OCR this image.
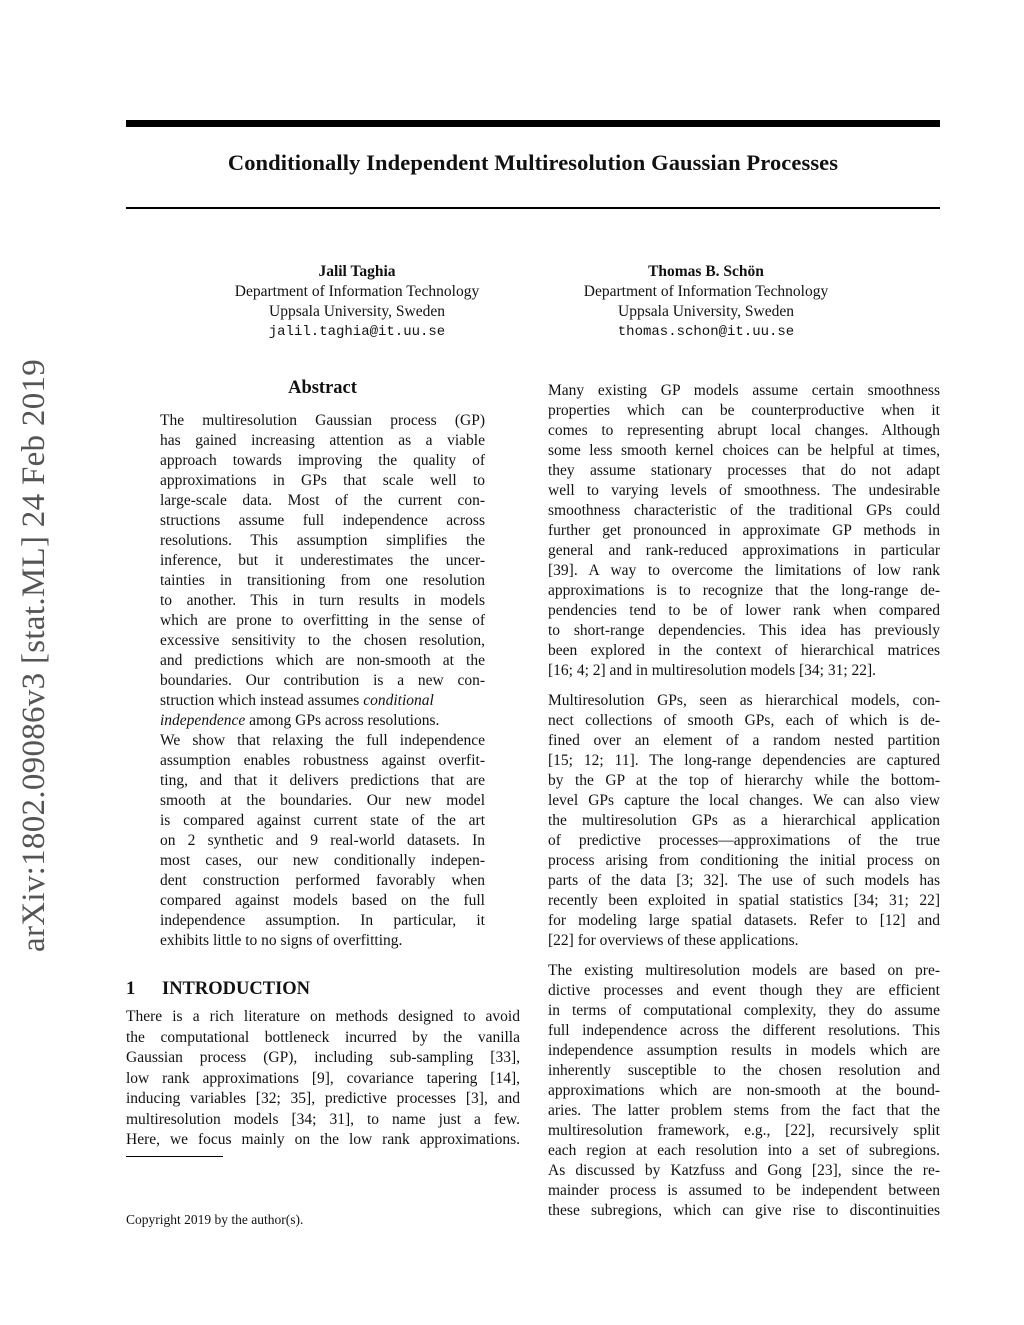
Conditionally Independent Multiresolution Gaussian Processes
Jalil Taghia
Department of Information Technology
Uppsala University, Sweden
jalil.taghia@it.uu.se
Thomas B. Schön
Department of Information Technology
Uppsala University, Sweden
thomas.schon@it.uu.se
arXiv:1802.09086v3 [stat.ML] 24 Feb 2019	Abstract
The multiresolution Gaussian process (GP)
has gained increasing attention as a viable
approach towards improving the quality of
approximations in GPs that scale well to
large-scale data. Most of the current con-
structions assume full independence across
resolutions. This assumption simplifies the
inference, but it underestimates the uncer-
tainties in transitioning from one resolution
to another. This in turn results in models
which are prone to overfitting in the sense of
excessive sensitivity to the chosen resolution,
and predictions which are non-smooth at the
boundaries. Our contribution is a new con-
struction which instead assumes conditional
independence among GPs across resolutions.
We show that relaxing the full independence
assumption enables robustness against overfit-
ting, and that it delivers predictions that are
smooth at the boundaries. Our new model
is compared against current state of the art
on 2 synthetic and 9 real-world datasets. In
most cases, our new conditionally indepen-
dent construction performed favorably when
compared against models based on the full
independence assumption. In particular, it
exhibits little to no signs of overfitting.
1 INTRODUCTION
There is a rich literature on methods designed to avoid
the computational bottleneck incurred by the vanilla
Gaussian process (GP), including sub-sampling [33],
low rank approximations [9], covariance tapering [14],
inducing variables [32; 35], predictive processes [3], and
multiresolution models [34; 31], to name just a few.
Here, we focus mainly on the low rank approximations.
Copyright 2019 by the author(s).

Many existing GP models assume certain smoothness
properties which can be counterproductive when it
comes to representing abrupt local changes. Although
some less smooth kernel choices can be helpful at times,
they assume stationary processes that do not adapt
well to varying levels of smoothness. The undesirable
smoothness characteristic of the traditional GPs could
further get pronounced in approximate GP methods in
general and rank-reduced approximations in particular
[39]. A way to overcome the limitations of low rank
approximations is to recognize that the long-range de-
pendencies tend to be of lower rank when compared
to short-range dependencies. This idea has previously
been explored in the context of hierarchical matrices
[16; 4; 2] and in multiresolution models [34; 31; 22].

Multiresolution GPs, seen as hierarchical models, con-
nect collections of smooth GPs, each of which is de-
fined over an element of a random nested partition
[15; 12; 11]. The long-range dependencies are captured
by the GP at the top of hierarchy while the bottom-
level GPs capture the local changes. We can also view
the multiresolution GPs as a hierarchical application
of predictive processes—approximations of the true
process arising from conditioning the initial process on
parts of the data [3; 32]. The use of such models has
recently been exploited in spatial statistics [34; 31; 22]
for modeling large spatial datasets. Refer to [12] and
[22] for overviews of these applications.

The existing multiresolution models are based on pre-
dictive processes and event though they are efficient
in terms of computational complexity, they do assume
full independence across the different resolutions. This
independence assumption results in models which are
inherently susceptible to the chosen resolution and
approximations which are non-smooth at the bound-
aries. The latter problem stems from the fact that the
multiresolution framework, e.g., [22], recursively split
each region at each resolution into a set of subregions.
As discussed by Katzfuss and Gong [23], since the re-
mainder process is assumed to be independent between
these subregions, which can give rise to discontinuities
